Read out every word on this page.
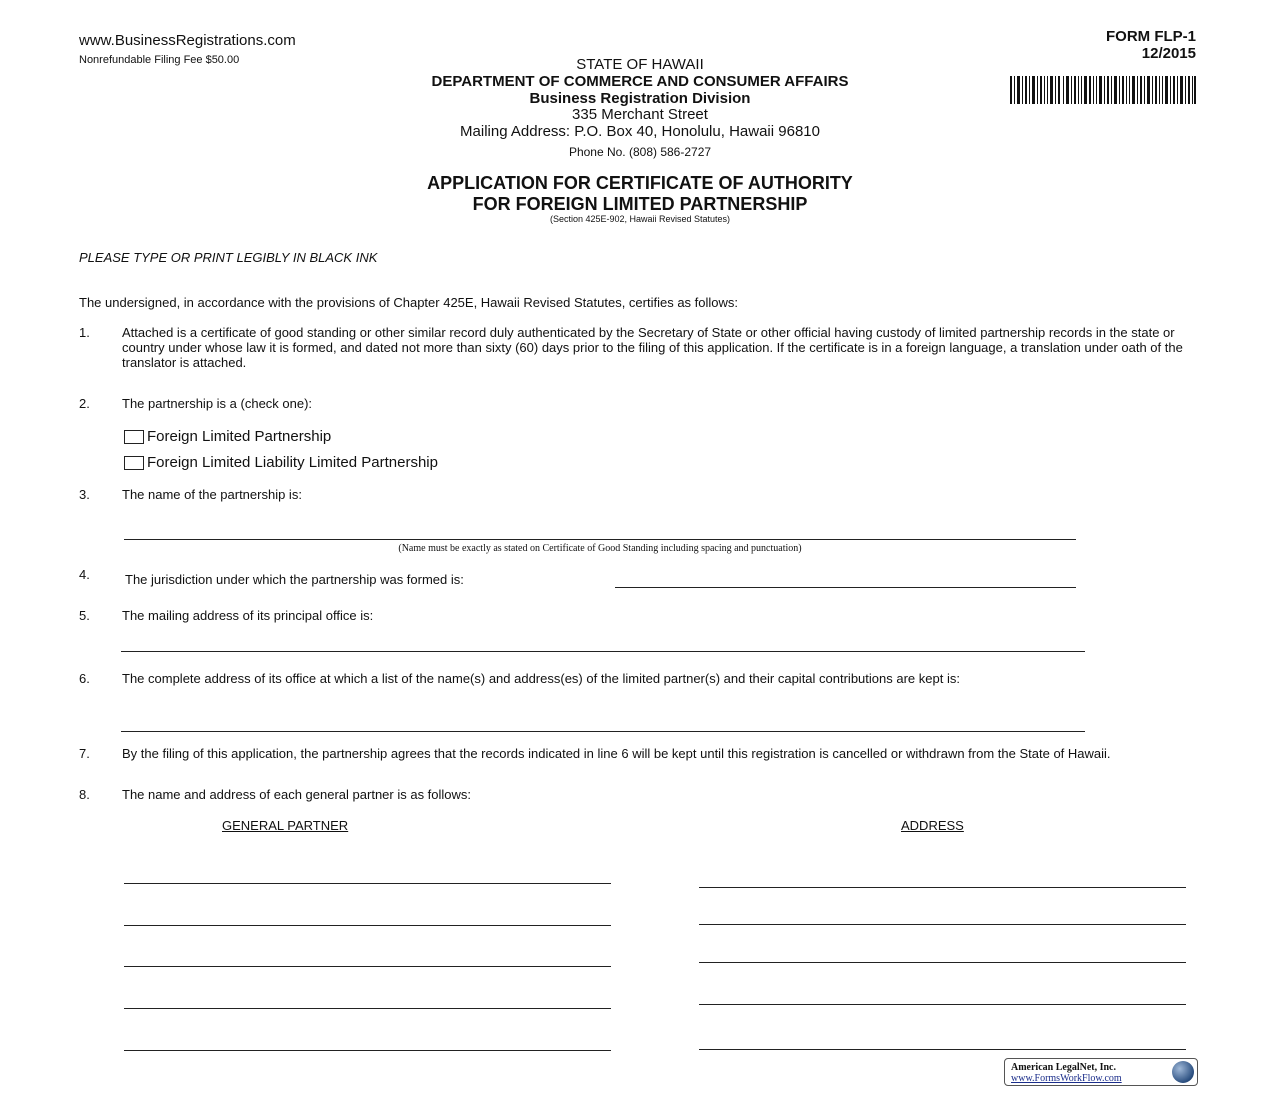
www.BusinessRegistrations.com
Nonrefundable Filing Fee $50.00
FORM FLP-1
12/2015
STATE OF HAWAII
DEPARTMENT OF COMMERCE AND CONSUMER AFFAIRS
Business Registration Division
335 Merchant Street
Mailing Address: P.O. Box 40, Honolulu, Hawaii 96810
Phone No. (808) 586-2727
APPLICATION FOR CERTIFICATE OF AUTHORITY
FOR FOREIGN LIMITED PARTNERSHIP
(Section 425E-902, Hawaii Revised Statutes)
PLEASE TYPE OR PRINT LEGIBLY IN BLACK INK
The undersigned, in accordance with the provisions of Chapter 425E, Hawaii Revised Statutes, certifies as follows:
1. Attached is a certificate of good standing or other similar record duly authenticated by the Secretary of State or other official having custody of limited partnership records in the state or country under whose law it is formed, and dated not more than sixty (60) days prior to the filing of this application. If the certificate is in a foreign language, a translation under oath of the translator is attached.
2. The partnership is a (check one):
Foreign Limited Partnership
Foreign Limited Liability Limited Partnership
3. The name of the partnership is:
(Name must be exactly as stated on Certificate of Good Standing including spacing and punctuation)
4.	The jurisdiction under which the partnership was formed is:
5. The mailing address of its principal office is:
6. The complete address of its office at which a list of the name(s) and address(es) of the limited partner(s) and their capital contributions are kept is:
7. By the filing of this application, the partnership agrees that the records indicated in line 6 will be kept until this registration is cancelled or withdrawn from the State of Hawaii.
8. The name and address of each general partner is as follows:
GENERAL PARTNER	ADDRESS
American LegalNet, Inc.
www.FormsWorkFlow.com
